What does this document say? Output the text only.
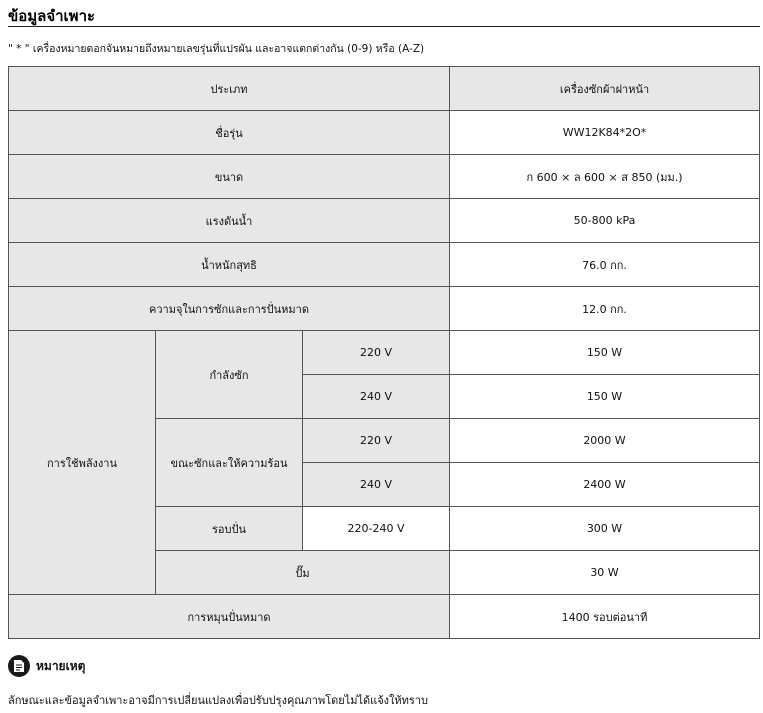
ข้อมูลจำเพาะ
" * " เครื่องหมายดอกจันหมายถึงหมายเลขรุ่นที่แปรผัน และอาจแตกต่างกัน (0-9) หรือ (A-Z)
ประเภท			เครื่องซักผ้าฝาหน้า
ชื่อรุ่น			WW12K84*2O*
ขนาด			ก 600 × ล 600 × ส 850 (มม.)
แรงดันน้ำ			50-800 kPa
น้ำหนักสุทธิ			76.0 กก.
ความจุในการซักและการปั่นหมาด			12.0 กก.
การใช้พลังงาน	กำลังซัก	220 V	150 W
		240 V	150 W
	ขณะซักและให้ความร้อน	220 V	2000 W
		240 V	2400 W
	รอบปั่น	220-240 V	300 W
	ปั๊ม		30 W
การหมุนปั่นหมาด			1400 รอบต่อนาที
หมายเหตุ
ลักษณะและข้อมูลจำเพาะอาจมีการเปลี่ยนแปลงเพื่อปรับปรุงคุณภาพโดยไม่ได้แจ้งให้ทราบ
